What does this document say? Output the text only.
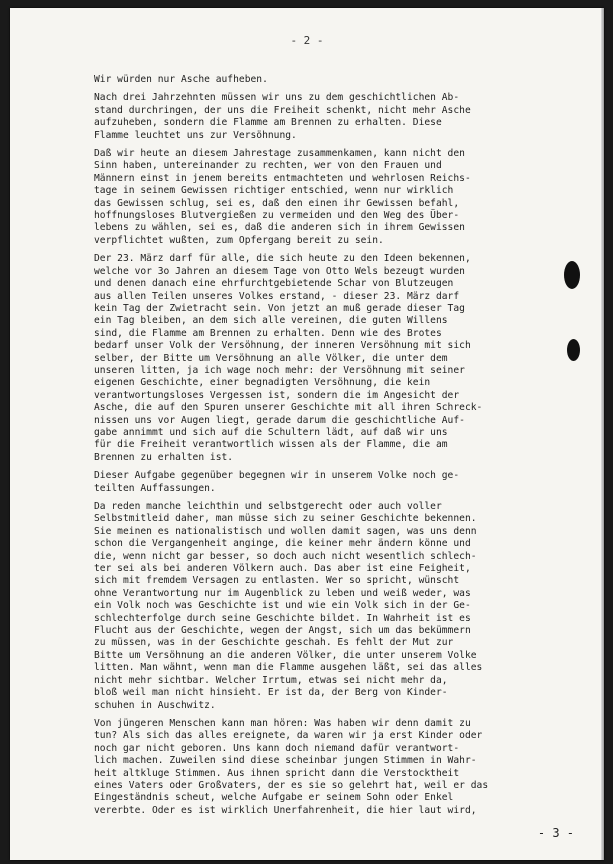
- 2 -
Wir würden nur Asche aufheben.
Nach drei Jahrzehnten müssen wir uns zu dem geschichtlichen Ab-
stand durchringen, der uns die Freiheit schenkt, nicht mehr Asche
aufzuheben, sondern die Flamme am Brennen zu erhalten. Diese
Flamme leuchtet uns zur Versöhnung.
Daß wir heute an diesem Jahrestage zusammenkamen, kann nicht den
Sinn haben, untereinander zu rechten, wer von den Frauen und
Männern einst in jenem bereits entmachteten und wehrlosen Reichs-
tage in seinem Gewissen richtiger entschied, wenn nur wirklich
das Gewissen schlug, sei es, daß den einen ihr Gewissen befahl,
hoffnungsloses Blutvergießen zu vermeiden und den Weg des Über-
lebens zu wählen, sei es, daß die anderen sich in ihrem Gewissen
verpflichtet wußten, zum Opfergang bereit zu sein.
Der 23. März darf für alle, die sich heute zu den Ideen bekennen,
welche vor 3o Jahren an diesem Tage von Otto Wels bezeugt wurden
und denen danach eine ehrfurchtgebietende Schar von Blutzeugen
aus allen Teilen unseres Volkes erstand, - dieser 23. März darf
kein Tag der Zwietracht sein. Von jetzt an muß gerade dieser Tag
ein Tag bleiben, an dem sich alle vereinen, die guten Willens
sind, die Flamme am Brennen zu erhalten. Denn wie des Brotes
bedarf unser Volk der Versöhnung, der inneren Versöhnung mit sich
selber, der Bitte um Versöhnung an alle Völker, die unter dem
unseren litten, ja ich wage noch mehr: der Versöhnung mit seiner
eigenen Geschichte, einer begnadigten Versöhnung, die kein
verantwortungsloses Vergessen ist, sondern die im Angesicht der
Asche, die auf den Spuren unserer Geschichte mit all ihren Schreck-
nissen uns vor Augen liegt, gerade darum die geschichtliche Auf-
gabe annimmt und sich auf die Schultern lädt, auf daß wir uns
für die Freiheit verantwortlich wissen als der Flamme, die am
Brennen zu erhalten ist.
Dieser Aufgabe gegenüber begegnen wir in unserem Volke noch ge-
teilten Auffassungen.
Da reden manche leichthin und selbstgerecht oder auch voller
Selbstmitleid daher, man müsse sich zu seiner Geschichte bekennen.
Sie meinen es nationalistisch und wollen damit sagen, was uns denn
schon die Vergangenheit anginge, die keiner mehr ändern könne und
die, wenn nicht gar besser, so doch auch nicht wesentlich schlech-
ter sei als bei anderen Völkern auch. Das aber ist eine Feigheit,
sich mit fremdem Versagen zu entlasten. Wer so spricht, wünscht
ohne Verantwortung nur im Augenblick zu leben und weiß weder, was
ein Volk noch was Geschichte ist und wie ein Volk sich in der Ge-
schlechterfolge durch seine Geschichte bildet. In Wahrheit ist es
Flucht aus der Geschichte, wegen der Angst, sich um das bekümmern
zu müssen, was in der Geschichte geschah. Es fehlt der Mut zur
Bitte um Versöhnung an die anderen Völker, die unter unserem Volke
litten. Man wähnt, wenn man die Flamme ausgehen läßt, sei das alles
nicht mehr sichtbar. Welcher Irrtum, etwas sei nicht mehr da,
bloß weil man nicht hinsieht. Er ist da, der Berg von Kinder-
schuhen in Auschwitz.
Von jüngeren Menschen kann man hören: Was haben wir denn damit zu
tun? Als sich das alles ereignete, da waren wir ja erst Kinder oder
noch gar nicht geboren. Uns kann doch niemand dafür verantwort-
lich machen. Zuweilen sind diese scheinbar jungen Stimmen in Wahr-
heit altkluge Stimmen. Aus ihnen spricht dann die Verstocktheit
eines Vaters oder Großvaters, der es sie so gelehrt hat, weil er das
Eingeständnis scheut, welche Aufgabe er seinem Sohn oder Enkel
vererbte. Oder es ist wirklich Unerfahrenheit, die hier laut wird,
- 3 -
